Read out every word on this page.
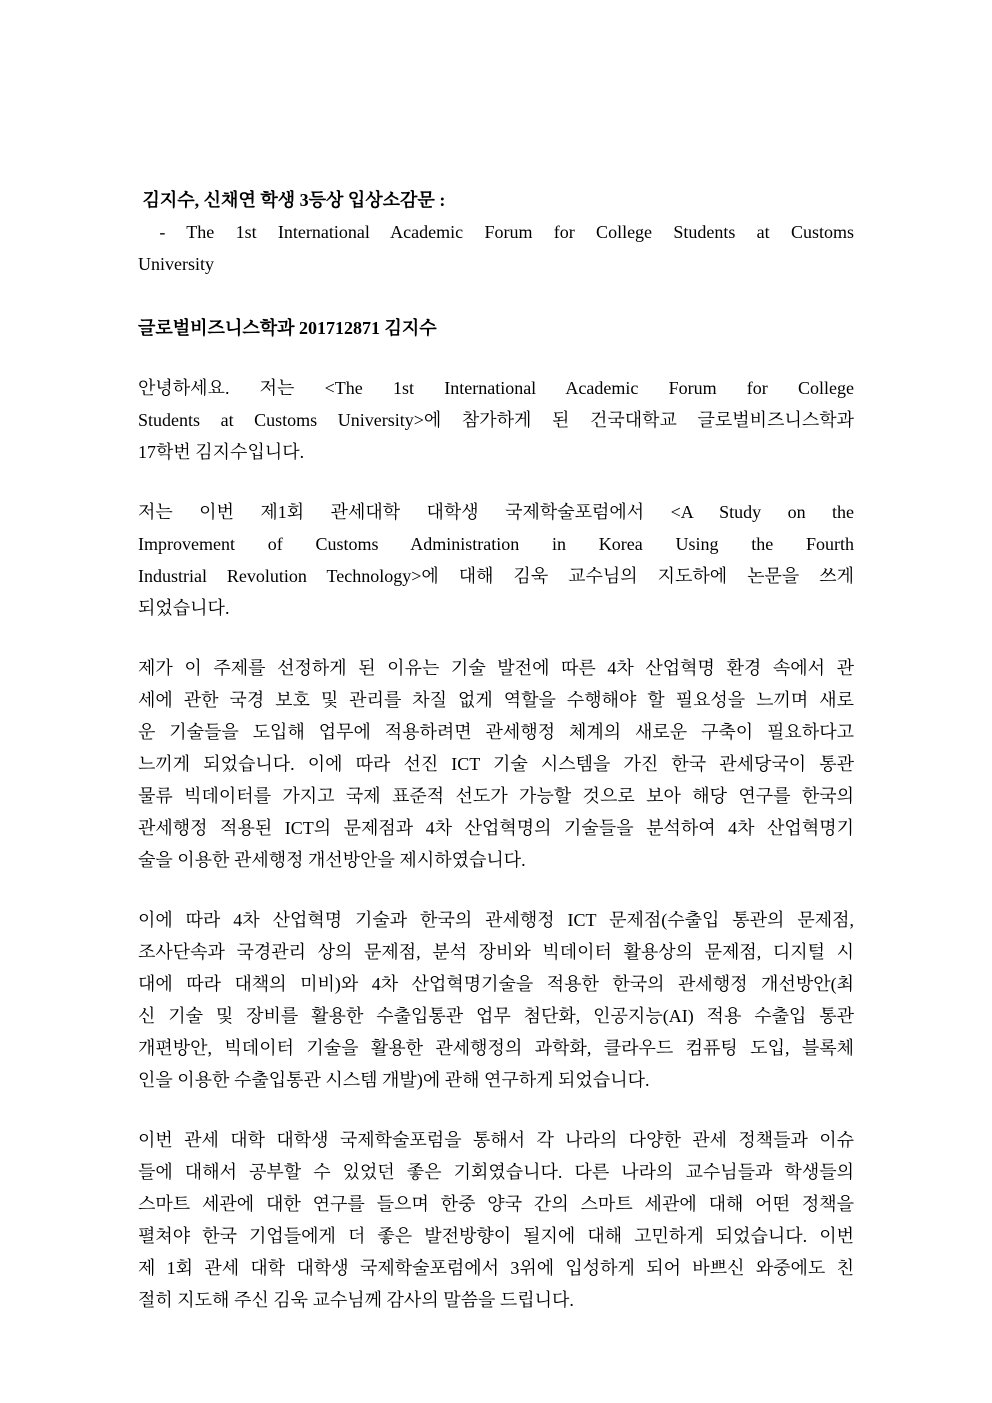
김지수, 신채연 학생 3등상 입상소감문 :
- The 1st International Academic Forum for College Students at Customs
University
글로벌비즈니스학과 201712871 김지수
안녕하세요. 저는 <The 1st International Academic Forum for College
Students at Customs University>에 참가하게 된 건국대학교 글로벌비즈니스학과
17학번 김지수입니다.
저는 이번 제1회 관세대학 대학생 국제학술포럼에서 <A Study on the
Improvement of Customs Administration in Korea Using the Fourth
Industrial Revolution Technology>에 대해 김욱 교수님의 지도하에 논문을 쓰게
되었습니다.
제가 이 주제를 선정하게 된 이유는 기술 발전에 따른 4차 산업혁명 환경 속에서 관
세에 관한 국경 보호 및 관리를 차질 없게 역할을 수행해야 할 필요성을 느끼며 새로
운 기술들을 도입해 업무에 적용하려면 관세행정 체계의 새로운 구축이 필요하다고
느끼게 되었습니다. 이에 따라 선진 ICT 기술 시스템을 가진 한국 관세당국이 통관
물류 빅데이터를 가지고 국제 표준적 선도가 가능할 것으로 보아 해당 연구를 한국의
관세행정 적용된 ICT의 문제점과 4차 산업혁명의 기술들을 분석하여 4차 산업혁명기
술을 이용한 관세행정 개선방안을 제시하였습니다.
이에 따라 4차 산업혁명 기술과 한국의 관세행정 ICT 문제점(수출입 통관의 문제점,
조사단속과 국경관리 상의 문제점, 분석 장비와 빅데이터 활용상의 문제점, 디지털 시
대에 따라 대책의 미비)와 4차 산업혁명기술을 적용한 한국의 관세행정 개선방안(최
신 기술 및 장비를 활용한 수출입통관 업무 첨단화, 인공지능(AI) 적용 수출입 통관
개편방안, 빅데이터 기술을 활용한 관세행정의 과학화, 클라우드 컴퓨팅 도입, 블록체
인을 이용한 수출입통관 시스템 개발)에 관해 연구하게 되었습니다.
이번 관세 대학 대학생 국제학술포럼을 통해서 각 나라의 다양한 관세 정책들과 이슈
들에 대해서 공부할 수 있었던 좋은 기회였습니다. 다른 나라의 교수님들과 학생들의
스마트 세관에 대한 연구를 들으며 한중 양국 간의 스마트 세관에 대해 어떤 정책을
펼쳐야 한국 기업들에게 더 좋은 발전방향이 될지에 대해 고민하게 되었습니다. 이번
제 1회 관세 대학 대학생 국제학술포럼에서 3위에 입성하게 되어 바쁘신 와중에도 친
절히 지도해 주신 김욱 교수님께 감사의 말씀을 드립니다.
